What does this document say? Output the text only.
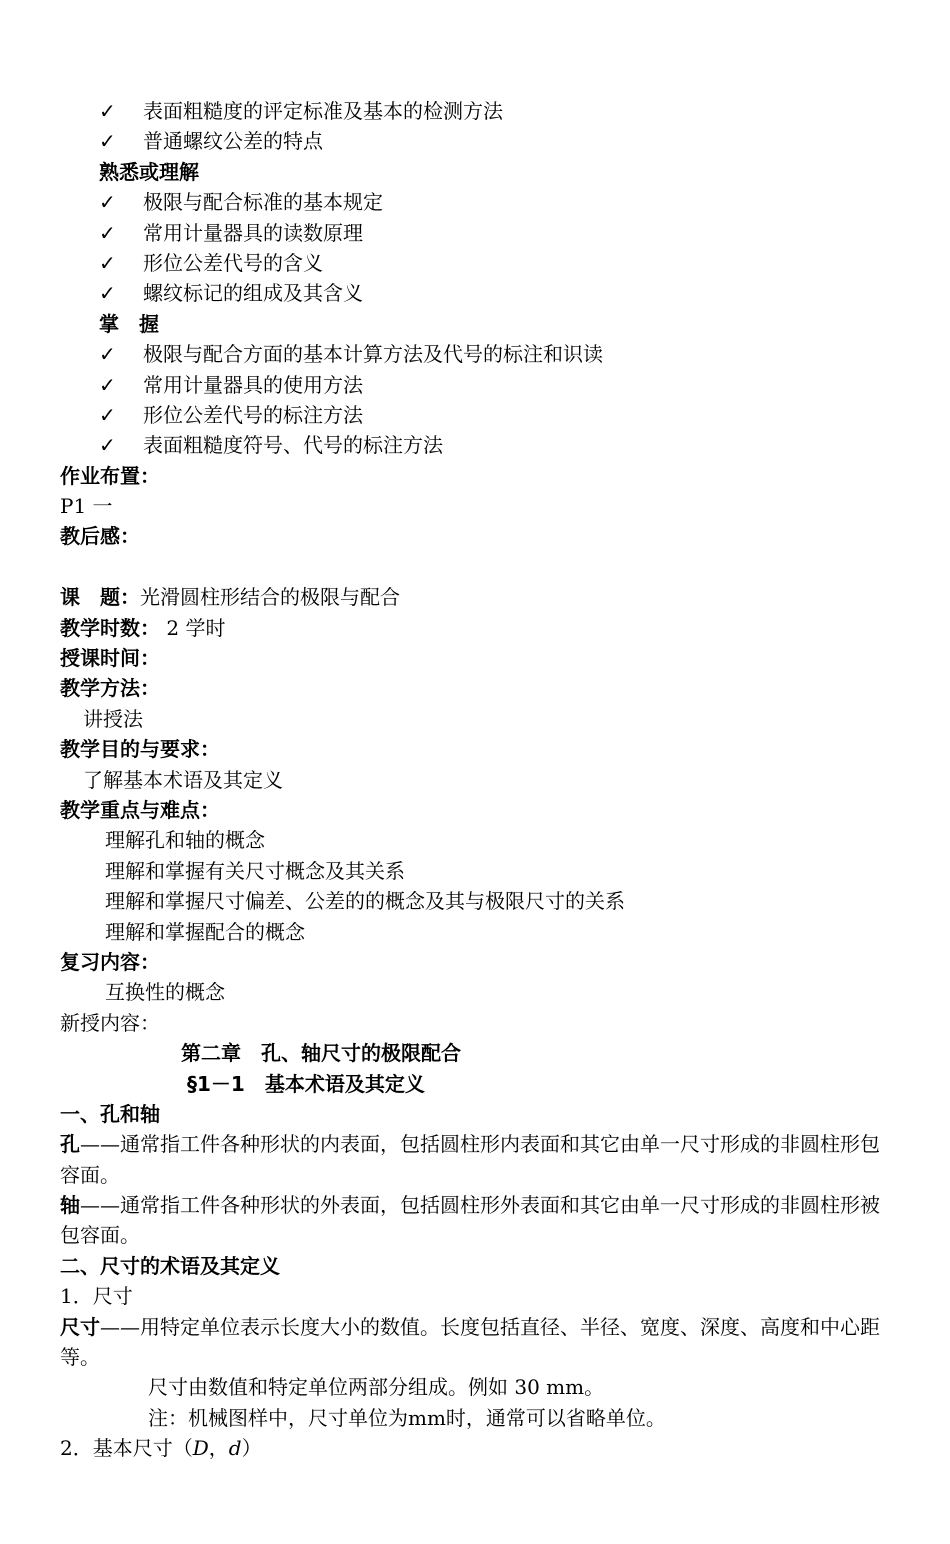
✓ 表面粗糙度的评定标准及基本的检测方法
✓ 普通螺纹公差的特点
熟悉或理解
✓ 极限与配合标准的基本规定
✓ 常用计量器具的读数原理
✓ 形位公差代号的含义
✓ 螺纹标记的组成及其含义
掌　握
✓ 极限与配合方面的基本计算方法及代号的标注和识读
✓ 常用计量器具的使用方法
✓ 形位公差代号的标注方法
✓ 表面粗糙度符号、代号的标注方法
作业布置：
P1 一
教后感：
课　题：光滑圆柱形结合的极限与配合
教学时数： 2 学时
授课时间：
教学方法：
讲授法
教学目的与要求：
了解基本术语及其定义
教学重点与难点：
理解孔和轴的概念
理解和掌握有关尺寸概念及其关系
理解和掌握尺寸偏差、公差的的概念及其与极限尺寸的关系
理解和掌握配合的概念
复习内容：
互换性的概念
新授内容：
第二章　孔、轴尺寸的极限配合
§1－1　基本术语及其定义
一、孔和轴
孔——通常指工件各种形状的内表面，包括圆柱形内表面和其它由单一尺寸形成的非圆柱形包容面。
轴——通常指工件各种形状的外表面，包括圆柱形外表面和其它由单一尺寸形成的非圆柱形被包容面。
二、尺寸的术语及其定义
1．尺寸
尺寸——用特定单位表示长度大小的数值。长度包括直径、半径、宽度、深度、高度和中心距等。
尺寸由数值和特定单位两部分组成。例如 30 mm。
注：机械图样中，尺寸单位为mm时，通常可以省略单位。
2．基本尺寸（D，d）
